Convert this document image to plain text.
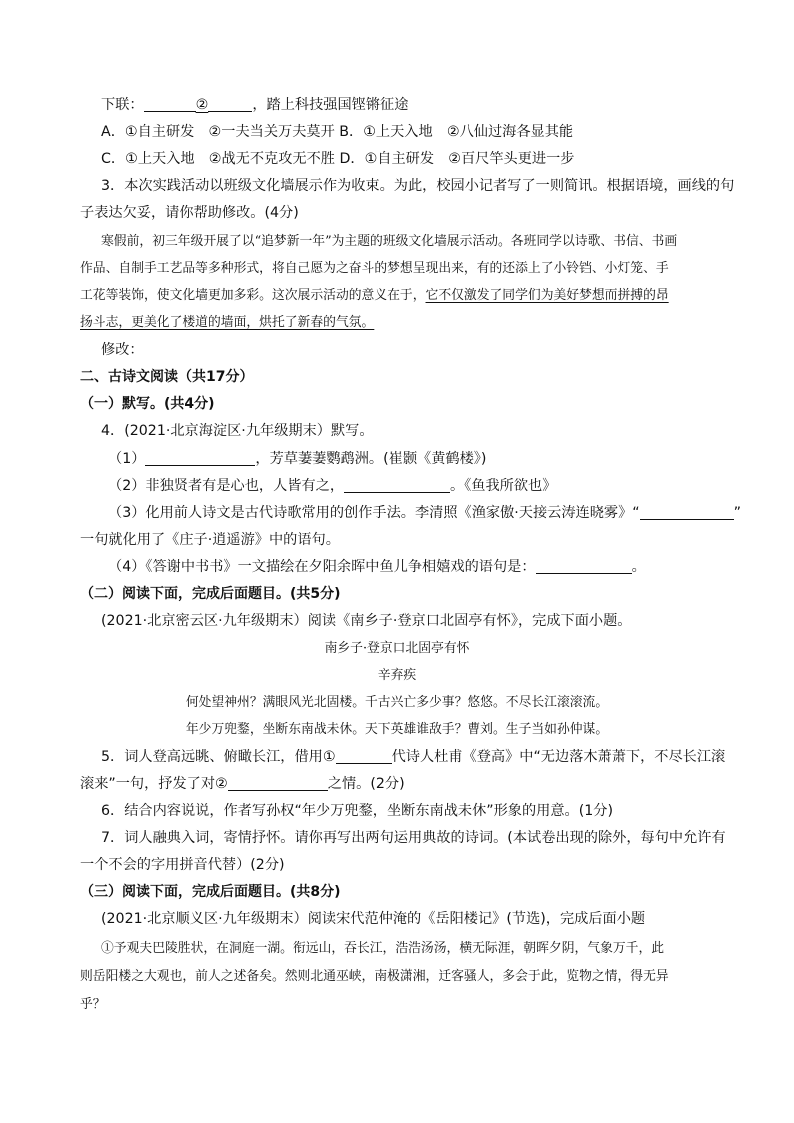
下联：	②	，踏上科技强国铿锵征途
A．①自主研发　②一夫当关万夫莫开 B．①上天入地　②八仙过海各显其能
C．①上天入地　②战无不克攻无不胜 D．①自主研发　②百尺竿头更进一步
3．本次实践活动以班级文化墙展示作为收束。为此，校园小记者写了一则简讯。根据语境，画线的句
子表达欠妥，请你帮助修改。(4分)
寒假前，初三年级开展了以“追梦新一年”为主题的班级文化墙展示活动。各班同学以诗歌、书信、书画
作品、自制手工艺品等多种形式，将自己愿为之奋斗的梦想呈现出来，有的还添上了小铃铛、小灯笼、手
工花等装饰，使文化墙更加多彩。这次展示活动的意义在于，它不仅激发了同学们为美好梦想而拼搏的昂
扬斗志，更美化了楼道的墙面，烘托了新春的气氛。
修改：
二、古诗文阅读（共17分）
（一）默写。(共4分)
4．(2021·北京海淀区·九年级期末）默写。
（1）	，芳草萋萋鹦鹉洲。(崔颢《黄鹤楼》)
（2）非独贤者有是心也，人皆有之，	。《鱼我所欲也》
（3）化用前人诗文是古代诗歌常用的创作手法。李清照《渔家傲·天接云涛连晓雾》“	”
一句就化用了《庄子·逍遥游》中的语句。
（4）《答谢中书书》一文描绘在夕阳余晖中鱼儿争相嬉戏的语句是：	。
（二）阅读下面，完成后面题目。(共5分)
(2021·北京密云区·九年级期末）阅读《南乡子·登京口北固亭有怀》，完成下面小题。
南乡子·登京口北固亭有怀
辛弃疾
何处望神州？满眼风光北固楼。千古兴亡多少事？悠悠。不尽长江滚滚流。
年少万兜鍪，坐断东南战未休。天下英雄谁敌手？曹刘。生子当如孙仲谋。
5．词人登高远眺、俯瞰长江，借用①	代诗人杜甫《登高》中“无边落木萧萧下，不尽长江滚
滚来”一句，抒发了对②	之情。(2分)
6．结合内容说说，作者写孙权“年少万兜鍪，坐断东南战未休”形象的用意。(1分)
7．词人融典入词，寄情抒怀。请你再写出两句运用典故的诗词。(本试卷出现的除外，每句中允许有
一个不会的字用拼音代替）(2分)
（三）阅读下面，完成后面题目。(共8分)
(2021·北京顺义区·九年级期末）阅读宋代范仲淹的《岳阳楼记》(节选)，完成后面小题
①予观夫巴陵胜状，在洞庭一湖。衔远山，吞长江，浩浩汤汤，横无际涯，朝晖夕阴，气象万千，此
则岳阳楼之大观也，前人之述备矣。然则北通巫峡，南极潇湘，迁客骚人，多会于此，览物之情，得无异
乎？
